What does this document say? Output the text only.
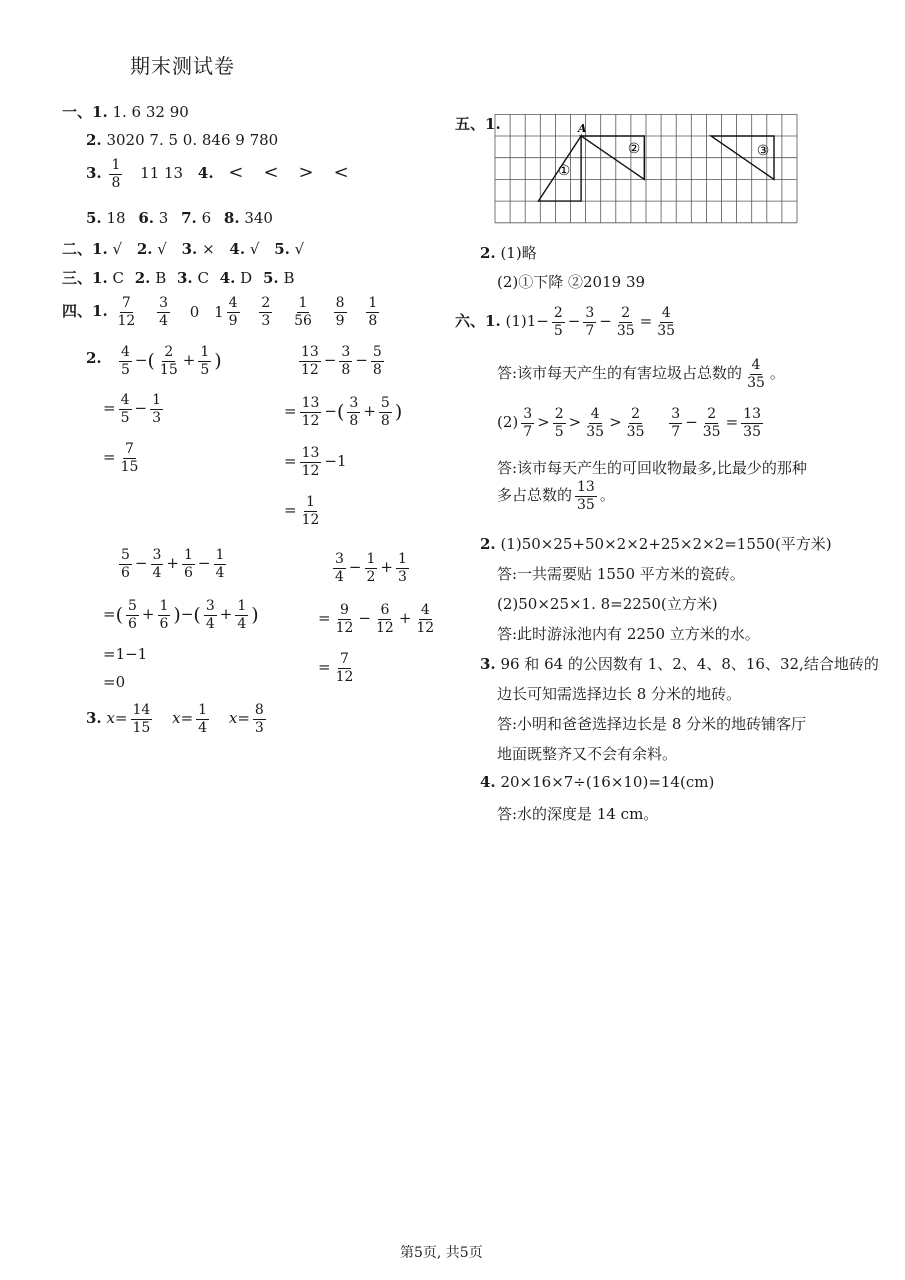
期末测试卷
一、1. 1. 6 32 90
2. 3020 7. 5 0. 846 9 780
3. $\frac{1}{8} 11$ 13 4. < < > <
5. 18 6. 3 7. 6 8. 340
二、1. √ 2. √ 3. × 4. √ 5. √
三、1. C 2. B 3. C 4. D 5. B
四、1. $\frac{7}{12}$
$\frac{3}{4} 0$ $1 \frac{4}{9}$
$\frac{2}{3}$
$\frac{1}{56}$
$\frac{8}{9}$
$\frac{1}{8}$
2. $\frac{4}{5}$ −( $\frac{2}{15} + \frac{1}{5}$ )
= $\frac{4}{5} - \frac{1}{3}$
= $\frac{7}{15}$
$\frac{13}{12} - \frac{3}{8} - \frac{5}{8}$
= $\frac{13}{12}$ −( $\frac{3}{8} + \frac{5}{8}$ )
= $\frac{13}{12} -1$
= $\frac{1}{12}$
$\frac{5}{6} - \frac{3}{4} + \frac{1}{6} - \frac{1}{4}$
=( $\frac{5}{6} + \frac{1}{6}$ )−( $\frac{3}{4} + \frac{1}{4}$ )
=1−1
=0
$\frac{3}{4} - \frac{1}{2} + \frac{1}{3}$
= $\frac{9}{12} - \frac{6}{12} + \frac{4}{12}$
= $\frac{7}{12}$
3. $x= \frac{14}{15} x= \frac{1}{4} x= \frac{8}{3}$
五、1.	A
①
②	③
2. (1)略
(2)①下降 ②2019 39
六、1. $(1)1- \frac{2}{5} - \frac{3}{7} - \frac{2}{35} = \frac{4}{35}$
答:该市每天产生的有害垃圾占总数的 $\frac{4}{35}$ 。
$(2) \frac{3}{7} > \frac{2}{5} > \frac{4}{35} > \frac{2}{35}$
$\frac{3}{7} - \frac{2}{35} = \frac{13}{35}$
答:该市每天产生的可回收物最多,比最少的那种
多占总数的 $\frac{13}{35}$ 。
2. (1)50×25+50×2×2+25×2×2=1550(平方米)
答:一共需要贴 1550 平方米的瓷砖。
(2)50×25×1. 8=2250(立方米)
答:此时游泳池内有 2250 立方米的水。
3. 96 和 64 的公因数有 1、2、4、8、16、32,结合地砖的
边长可知需选择边长 8 分米的地砖。
答:小明和爸爸选择边长是 8 分米的地砖铺客厅
地面既整齐又不会有余料。
4. 20×16×7÷(16×10)=14(cm)
答:水的深度是 14 cm。
第5页, 共5页
